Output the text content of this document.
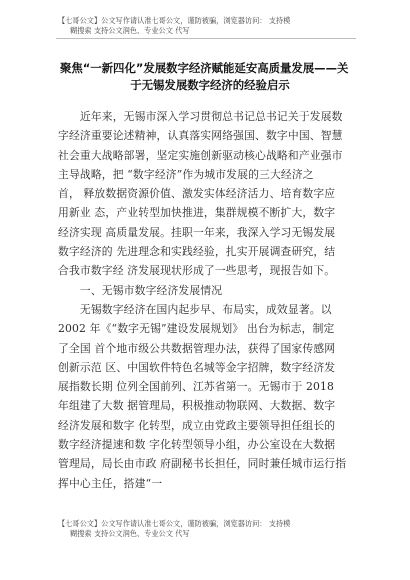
【七哥公文】公文写作请认准七哥公文，谨防被骗，浏览器访问： 支持模
糊搜索 支持公文润色、专业公文 代写
聚焦“一新四化”发展数字经济赋能延安高质量发展——关
于无锡发展数字经济的经验启示
　　近年来，无锡市深入学习贯彻总书记总书记关于发展数
字经济重要论述精神，认真落实网络强国、数字中国、智慧
社会重大战略部署，坚定实施创新驱动核心战略和产业强市
主导战略，把 “数字经济”作为城市发展的三大经济之
首， 释放数据资源价值、激发实体经济活力、培育数字应
用新业 态，产业转型加快推进，集群规模不断扩大，数字
经济实现 高质量发展。挂职一年来，我深入学习无锡发展
数字经济的 先进理念和实践经验，扎实开展调查研究，结
合我市数字经 济发展现状形成了一些思考，现报告如下。
　　一、无锡市数字经济发展情况
　　无锡数字经济在国内起步早、布局实，成效显著。以
2002 年《“数字无锡”建设发展规划》 出台为标志，制定
了全国 首个地市级公共数据管理办法，获得了国家传感网
创新示范 区、中国软件特色名城等金字招牌，数字经济发
展指数长期 位列全国前列、江苏省第一。无锡市于 2018
年组建了大数 据管理局，积极推动物联网、大数据、数字
经济发展和数字 化转型，成立由党政主要领导担任组长的
数字经济提速和数 字化转型领导小组，办公室设在大数据
管理局，局长由市政 府副秘书长担任，同时兼任城市运行指
挥中心主任，搭建“一
【七哥公文】公文写作请认准七哥公文，谨防被骗，浏览器访问： 支持模
糊搜索 支持公文润色、专业公文 代写
